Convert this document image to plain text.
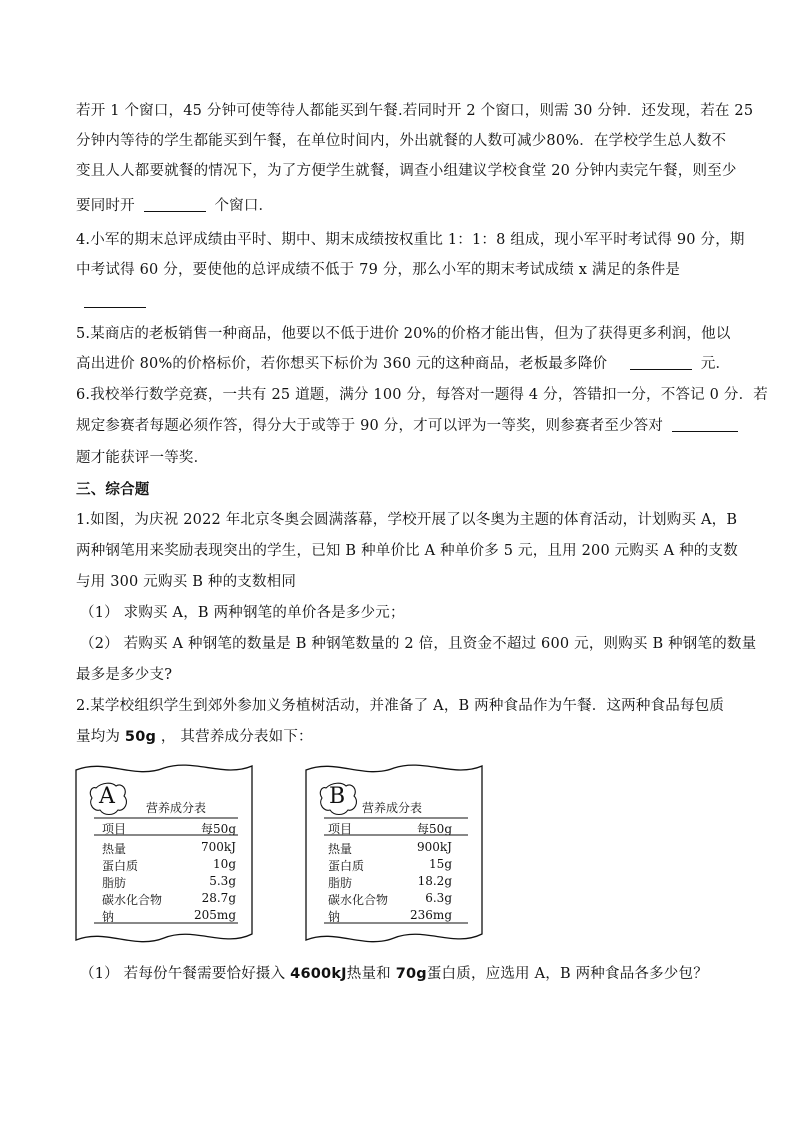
若开 1 个窗口，45 分钟可使等待人都能买到午餐.若同时开 2 个窗口，则需 30 分钟．还发现，若在 25
分钟内等待的学生都能买到午餐，在单位时间内，外出就餐的人数可减少80%．在学校学生总人数不
变且人人都要就餐的情况下，为了方便学生就餐，调查小组建议学校食堂 20 分钟内卖完午餐，则至少
要同时开	个窗口．
4.小军的期末总评成绩由平时、期中、期末成绩按权重比 1：1：8 组成，现小军平时考试得 90 分，期
中考试得 60 分，要使他的总评成绩不低于 79 分，那么小军的期末考试成绩 x 满足的条件是
5.某商店的老板销售一种商品，他要以不低于进价 20%的价格才能出售，但为了获得更多利润，他以
高出进价 80%的价格标价，若你想买下标价为 360 元的这种商品，老板最多降价	元．
6.我校举行数学竞赛，一共有 25 道题，满分 100 分，每答对一题得 4 分，答错扣一分，不答记 0 分．若
规定参赛者每题必须作答，得分大于或等于 90 分，才可以评为一等奖，则参赛者至少答对
题才能获评一等奖．
三、综合题
1.如图，为庆祝 2022 年北京冬奥会圆满落幕，学校开展了以冬奥为主题的体育活动，计划购买 A，B
两种钢笔用来奖励表现突出的学生，已知 B 种单价比 A 种单价多 5 元，且用 200 元购买 A 种的支数
与用 300 元购买 B 种的支数相同
（1） 求购买 A，B 两种钢笔的单价各是多少元；
（2） 若购买 A 种钢笔的数量是 B 种钢笔数量的 2 倍，且资金不超过 600 元，则购买 B 种钢笔的数量
最多是多少支?
2.某学校组织学生到郊外参加义务植树活动，并准备了 A，B 两种食品作为午餐．这两种食品每包质
量均为 50g ， 其营养成分表如下：
A	营养成分表
项目	每50g
热量	700kJ
蛋白质	10g
脂肪	5.3g
碳水化合物	28.7g
钠	205mg
B 营养成分表
项目	每50g
热量	900kJ
蛋白质	15g
脂肪	18.2g
碳水化合物	6.3g
钠	236mg
（1） 若每份午餐需要恰好摄入 4600kJ热量和 70g蛋白质，应选用 A，B 两种食品各多少包？
